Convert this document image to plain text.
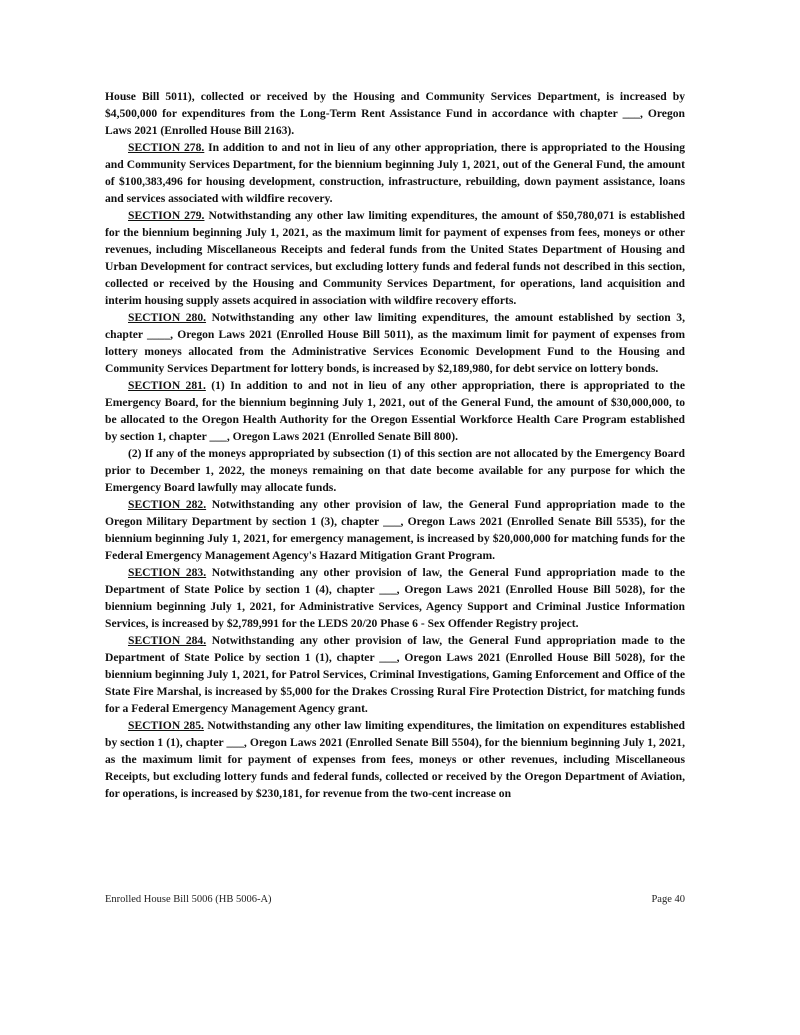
House Bill 5011), collected or received by the Housing and Community Services Department, is increased by $4,500,000 for expenditures from the Long-Term Rent Assistance Fund in accordance with chapter ___, Oregon Laws 2021 (Enrolled House Bill 2163).

SECTION 278. In addition to and not in lieu of any other appropriation, there is appropriated to the Housing and Community Services Department, for the biennium beginning July 1, 2021, out of the General Fund, the amount of $100,383,496 for housing development, construction, infrastructure, rebuilding, down payment assistance, loans and services associated with wildfire recovery.

SECTION 279. Notwithstanding any other law limiting expenditures, the amount of $50,780,071 is established for the biennium beginning July 1, 2021, as the maximum limit for payment of expenses from fees, moneys or other revenues, including Miscellaneous Receipts and federal funds from the United States Department of Housing and Urban Development for contract services, but excluding lottery funds and federal funds not described in this section, collected or received by the Housing and Community Services Department, for operations, land acquisition and interim housing supply assets acquired in association with wildfire recovery efforts.

SECTION 280. Notwithstanding any other law limiting expenditures, the amount established by section 3, chapter ____, Oregon Laws 2021 (Enrolled House Bill 5011), as the maximum limit for payment of expenses from lottery moneys allocated from the Administrative Services Economic Development Fund to the Housing and Community Services Department for lottery bonds, is increased by $2,189,980, for debt service on lottery bonds.

SECTION 281. (1) In addition to and not in lieu of any other appropriation, there is appropriated to the Emergency Board, for the biennium beginning July 1, 2021, out of the General Fund, the amount of $30,000,000, to be allocated to the Oregon Health Authority for the Oregon Essential Workforce Health Care Program established by section 1, chapter ___, Oregon Laws 2021 (Enrolled Senate Bill 800).

(2) If any of the moneys appropriated by subsection (1) of this section are not allocated by the Emergency Board prior to December 1, 2022, the moneys remaining on that date become available for any purpose for which the Emergency Board lawfully may allocate funds.

SECTION 282. Notwithstanding any other provision of law, the General Fund appropriation made to the Oregon Military Department by section 1 (3), chapter ___, Oregon Laws 2021 (Enrolled Senate Bill 5535), for the biennium beginning July 1, 2021, for emergency management, is increased by $20,000,000 for matching funds for the Federal Emergency Management Agency's Hazard Mitigation Grant Program.

SECTION 283. Notwithstanding any other provision of law, the General Fund appropriation made to the Department of State Police by section 1 (4), chapter ___, Oregon Laws 2021 (Enrolled House Bill 5028), for the biennium beginning July 1, 2021, for Administrative Services, Agency Support and Criminal Justice Information Services, is increased by $2,789,991 for the LEDS 20/20 Phase 6 - Sex Offender Registry project.

SECTION 284. Notwithstanding any other provision of law, the General Fund appropriation made to the Department of State Police by section 1 (1), chapter ___, Oregon Laws 2021 (Enrolled House Bill 5028), for the biennium beginning July 1, 2021, for Patrol Services, Criminal Investigations, Gaming Enforcement and Office of the State Fire Marshal, is increased by $5,000 for the Drakes Crossing Rural Fire Protection District, for matching funds for a Federal Emergency Management Agency grant.

SECTION 285. Notwithstanding any other law limiting expenditures, the limitation on expenditures established by section 1 (1), chapter ___, Oregon Laws 2021 (Enrolled Senate Bill 5504), for the biennium beginning July 1, 2021, as the maximum limit for payment of expenses from fees, moneys or other revenues, including Miscellaneous Receipts, but excluding lottery funds and federal funds, collected or received by the Oregon Department of Aviation, for operations, is increased by $230,181, for revenue from the two-cent increase on

Enrolled House Bill 5006 (HB 5006-A)	Page 40
